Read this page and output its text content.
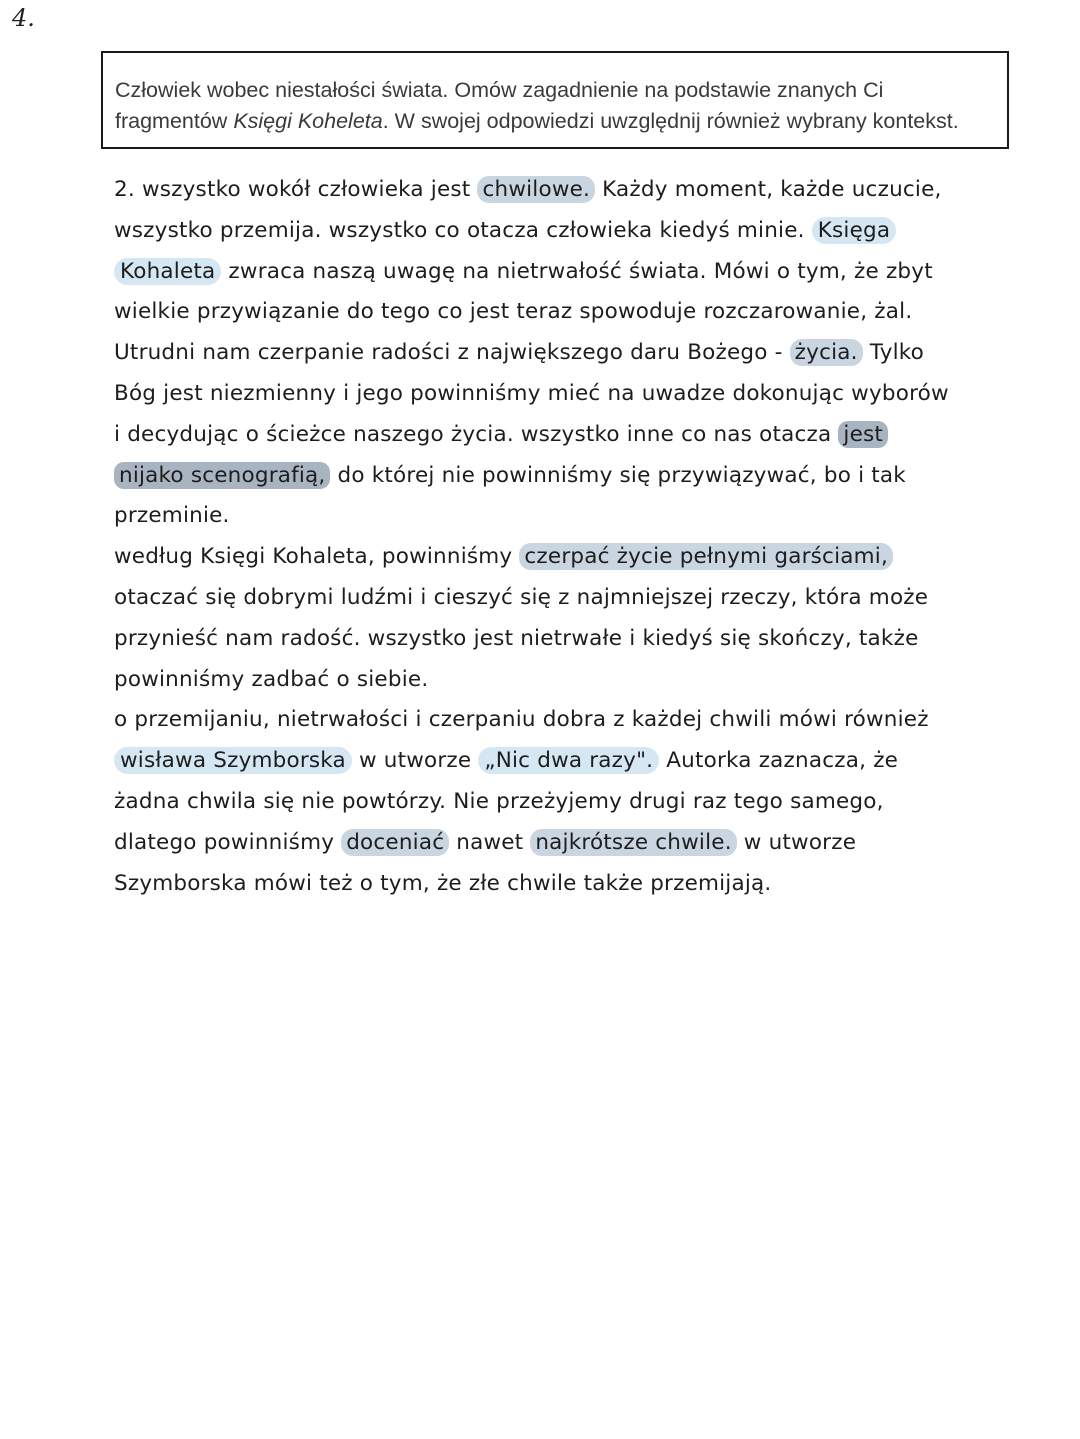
4.
Człowiek wobec niestałości świata. Omów zagadnienie na podstawie znanych Ci
fragmentów Księgi Koheleta. W swojej odpowiedzi uwzględnij również wybrany kontekst.
2. wszystko wokół człowieka jest chwilowe. Każdy moment, każde uczucie,
wszystko przemija. wszystko co otacza człowieka kiedyś minie. Księga
Kohaleta zwraca naszą uwagę na nietrwałość świata. Mówi o tym, że zbyt
wielkie przywiązanie do tego co jest teraz spowoduje rozczarowanie, żal.
Utrudni nam czerpanie radości z największego daru Bożego - życia. Tylko
Bóg jest niezmienny i jego powinniśmy mieć na uwadze dokonując wyborów
i decydując o ścieżce naszego życia. wszystko inne co nas otacza jest
nijako scenografią, do której nie powinniśmy się przywiązywać, bo i tak
przeminie.
według Księgi Kohaleta, powinniśmy czerpać życie pełnymi garściami,
otaczać się dobrymi ludźmi i cieszyć się z najmniejszej rzeczy, która może
przynieść nam radość. wszystko jest nietrwałe i kiedyś się skończy, także
powinniśmy zadbać o siebie.
o przemijaniu, nietrwałości i czerpaniu dobra z każdej chwili mówi również
wisława Szymborska w utworze „Nic dwa razy". Autorka zaznacza, że
żadna chwila się nie powtórzy. Nie przeżyjemy drugi raz tego samego,
dlatego powinniśmy doceniać nawet najkrótsze chwile. w utworze
Szymborska mówi też o tym, że złe chwile także przemijają.
